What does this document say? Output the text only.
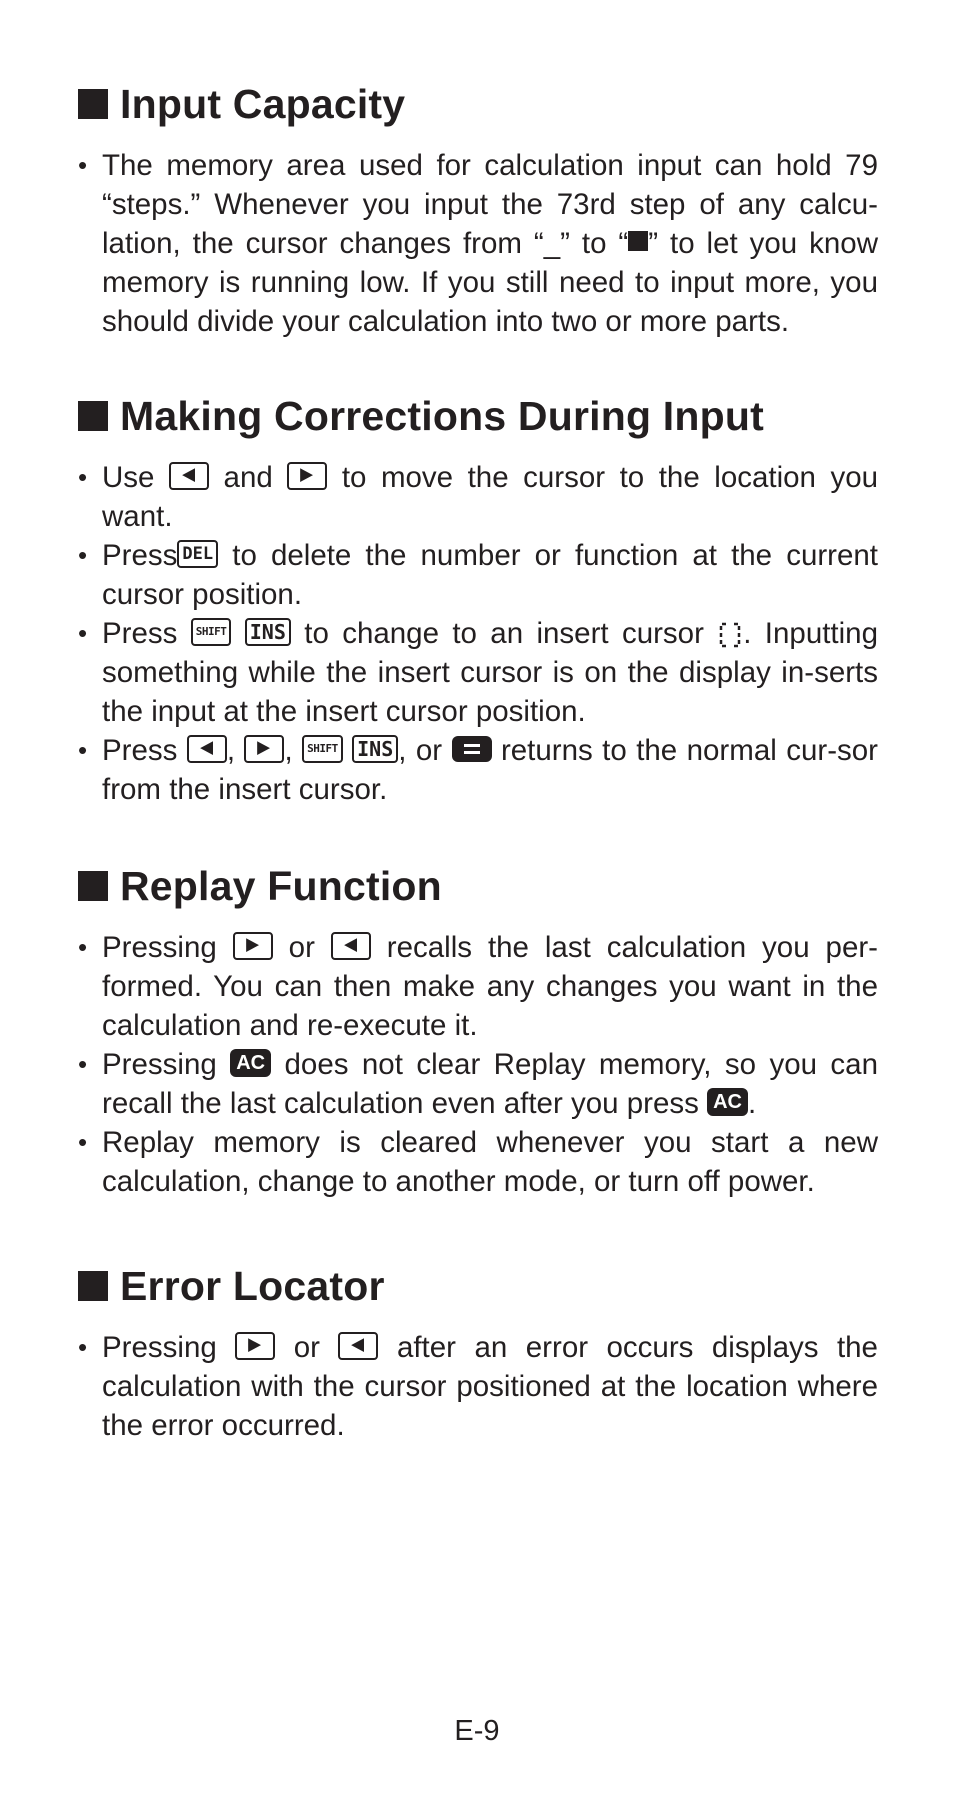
Input Capacity
• The memory area used for calculation input can hold 79 “steps.” Whenever you input the 73rd step of any calcu-lation, the cursor changes from “_” to “ ” to let you know memory is running low. If you still need to input more, you should divide your calculation into two or more parts.
Making Corrections During Input
• Use and to move the cursor to the location you want.
• Press DEL to delete the number or function at the current cursor position.
• Press SHIFT INS to change to an insert cursor . Inputting something while the insert cursor is on the display in-serts the input at the insert cursor position.
• Press , , SHIFT INS , or returns to the normal cur-sor from the insert cursor.
Replay Function
• Pressing or recalls the last calculation you per-formed. You can then make any changes you want in the calculation and re-execute it.
• Pressing AC does not clear Replay memory, so you can recall the last calculation even after you press AC .
• Replay memory is cleared whenever you start a new calculation, change to another mode, or turn off power.
Error Locator
• Pressing	or	after an error occurs displays the calculation with the cursor positioned at the location where the error occurred.
E-9
